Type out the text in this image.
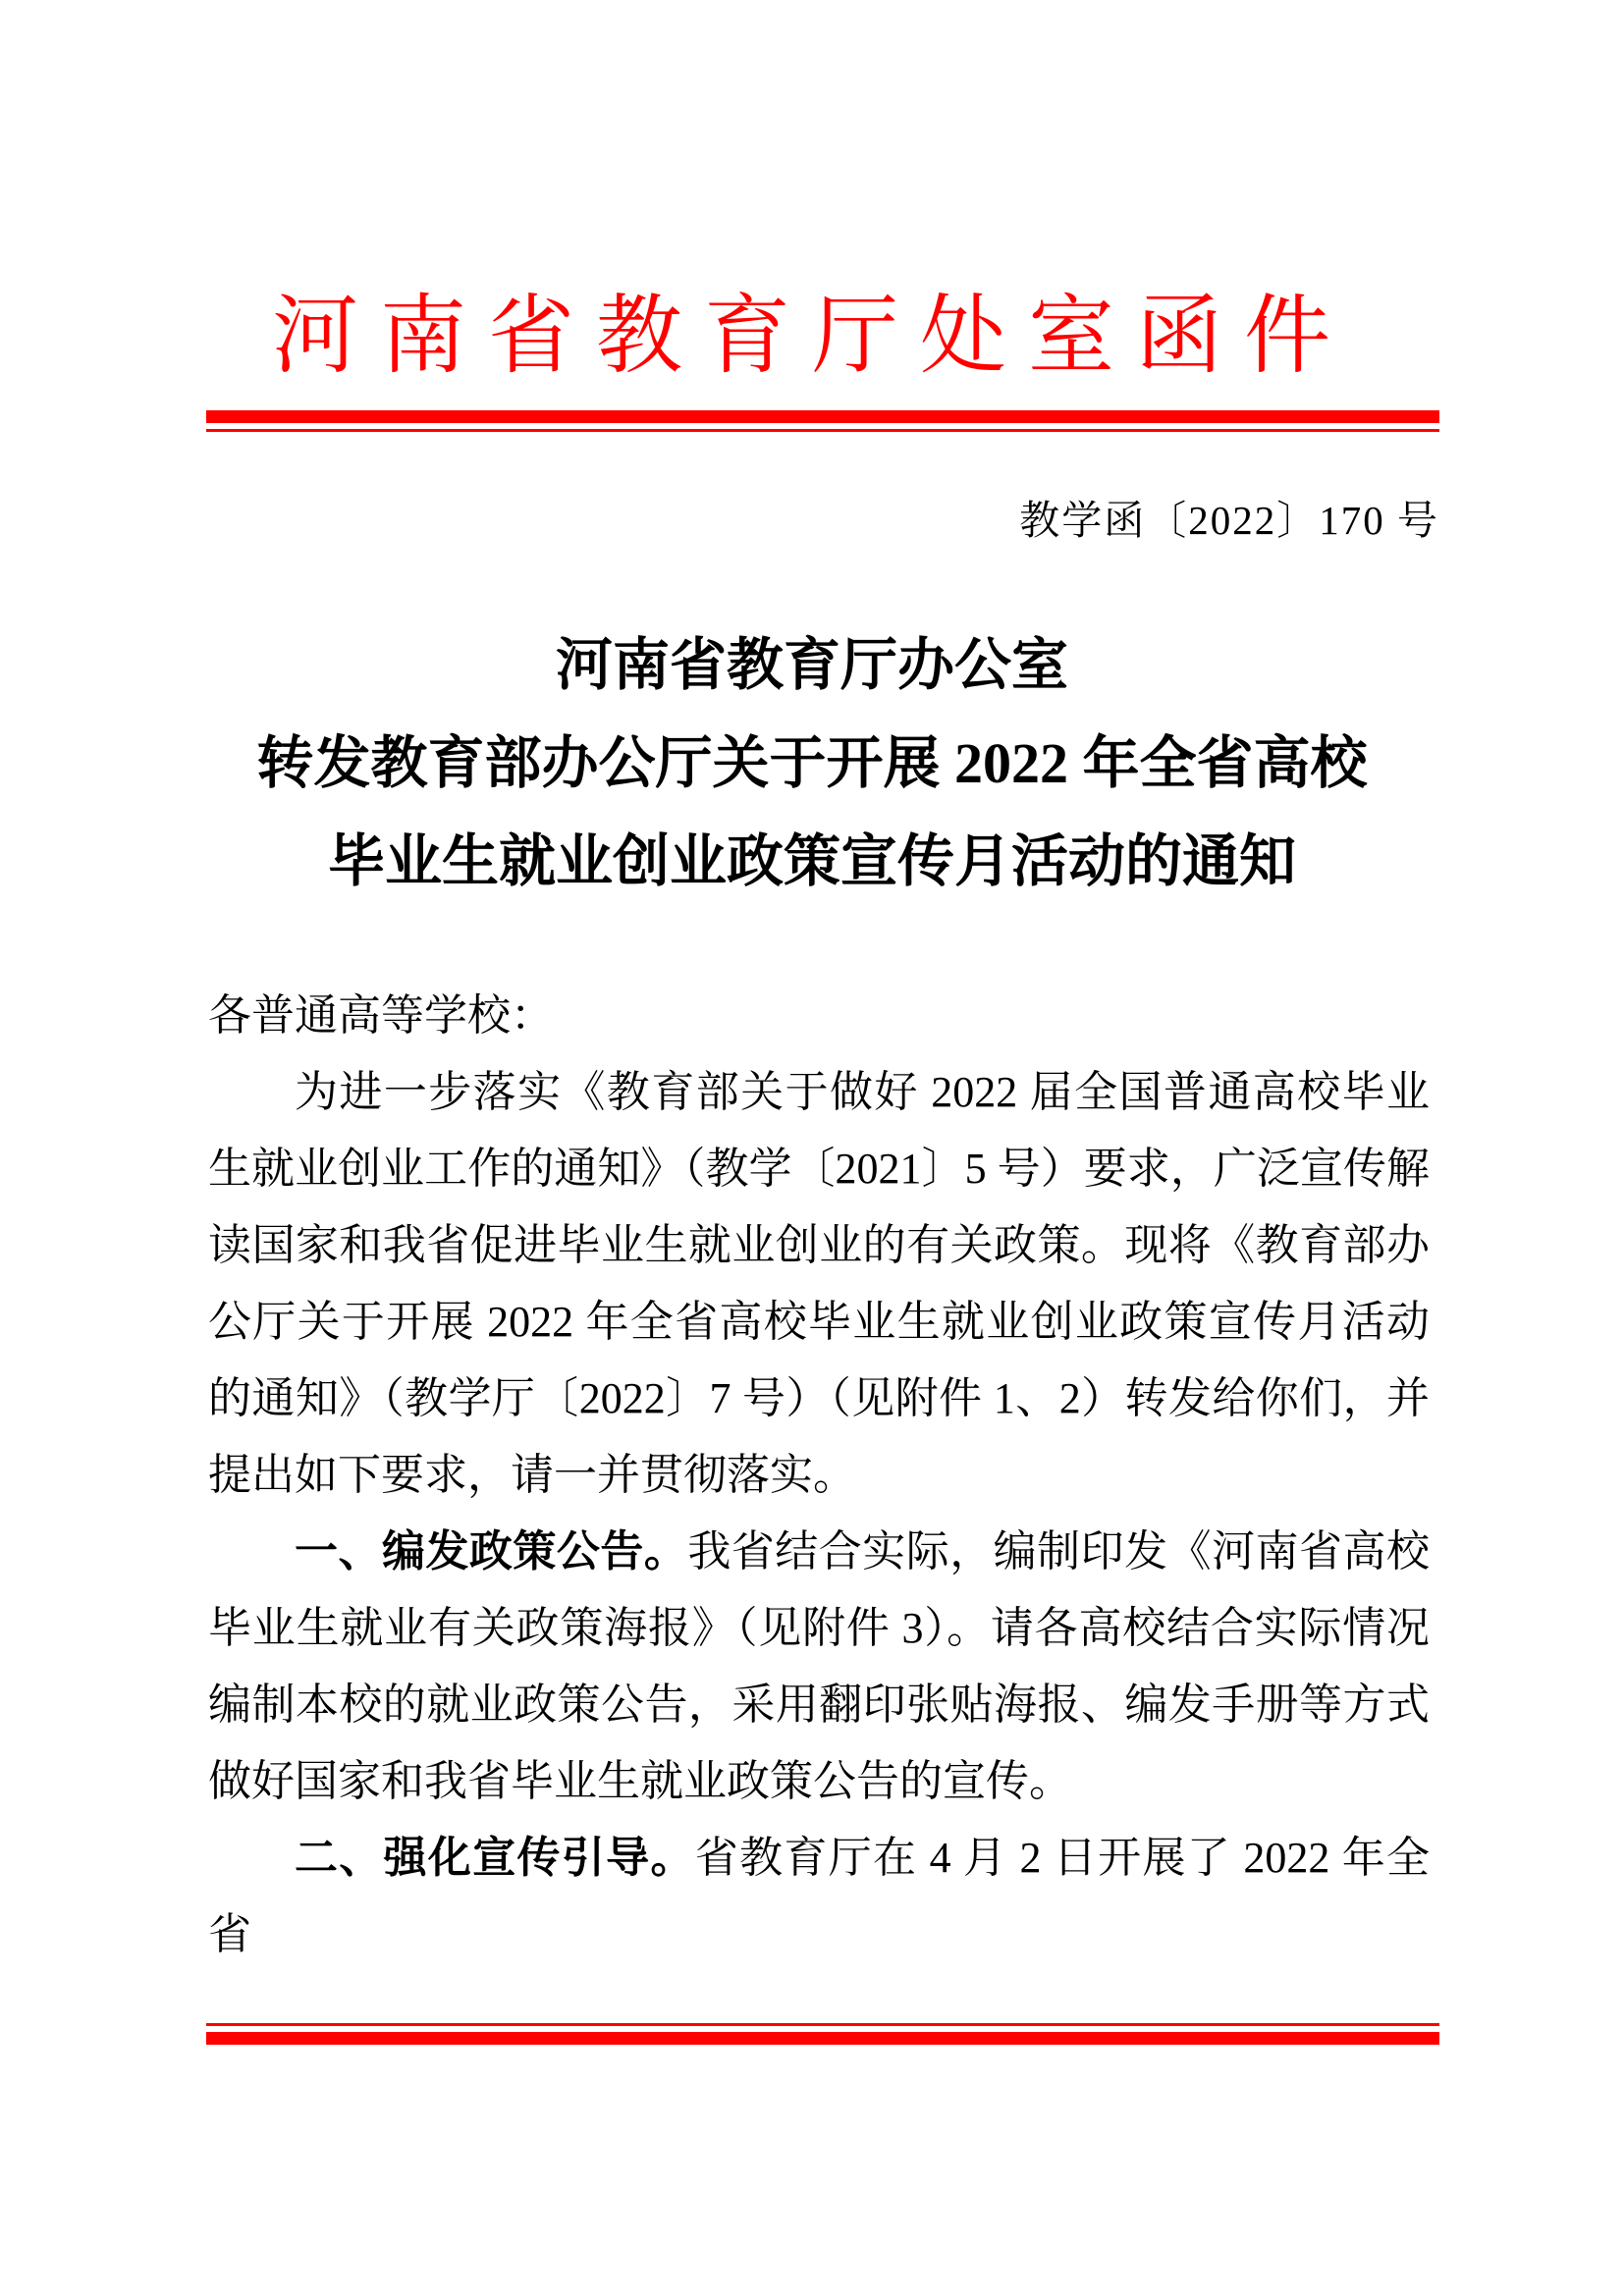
河南省教育厅处室函件
教学函〔2022〕170 号
河南省教育厅办公室
转发教育部办公厅关于开展 2022 年全省高校
毕业生就业创业政策宣传月活动的通知

各普通高等学校：

为进一步落实《教育部关于做好 2022 届全国普通高校毕业生就业创业工作的通知》（教学〔2021〕5 号）要求，广泛宣传解读国家和我省促进毕业生就业创业的有关政策。现将《教育部办公厅关于开展 2022 年全省高校毕业生就业创业政策宣传月活动的通知》（教学厅〔2022〕7 号）（见附件 1、2）转发给你们，并提出如下要求，请一并贯彻落实。

一、编发政策公告。我省结合实际，编制印发《河南省高校毕业生就业有关政策海报》（见附件 3）。请各高校结合实际情况编制本校的就业政策公告，采用翻印张贴海报、编发手册等方式做好国家和我省毕业生就业政策公告的宣传。

二、强化宣传引导。省教育厅在 4 月 2 日开展了 2022 年全省
